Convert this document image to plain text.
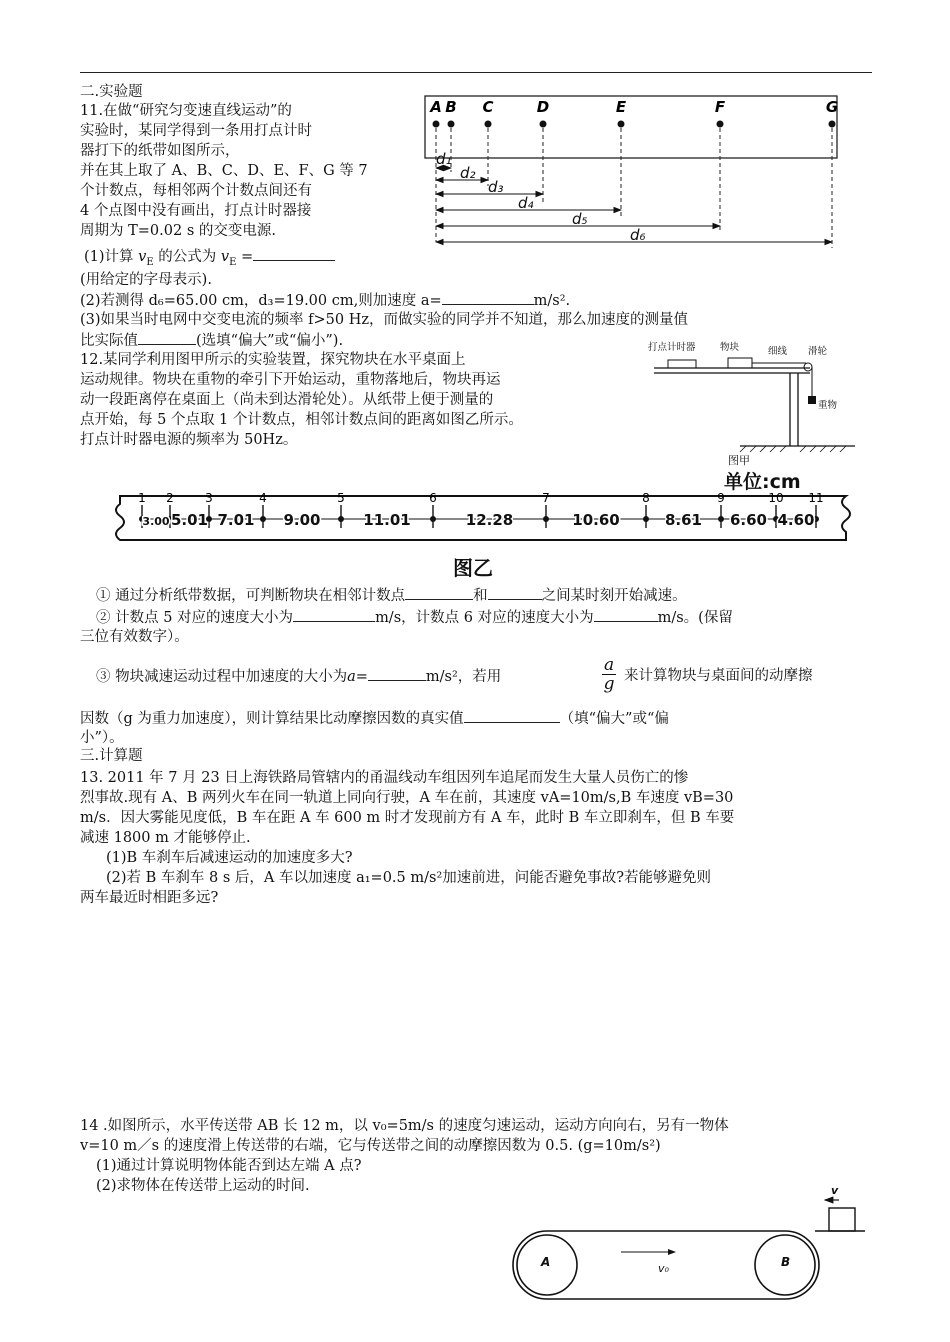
二.实验题
11.在做“研究匀变速直线运动”的
实验时，某同学得到一条用打点计时
器打下的纸带如图所示，
并在其上取了 A、B、C、D、E、F、G 等 7
个计数点，每相邻两个计数点间还有
4 个点图中没有画出，打点计时器接
周期为 T=0.02 s 的交变电源.
(1)计算 $v_E$ 的公式为 $v_E$ =
(用给定的字母表示).
(2)若测得 d₆=65.00 cm，d₃=19.00 cm,则加速度 a=	m/s².
(3)如果当时电网中交变电流的频率 f>50 Hz，而做实验的同学并不知道，那么加速度的测量值
比实际值	(选填“偏大”或“偏小”).
A B C	D	E	F	G
d₁
d₂
d₃
d₄
d₅
d₆
12.某同学利用图甲所示的实验装置，探究物块在水平桌面上
运动规律。物块在重物的牵引下开始运动，重物落地后，物块再运
动一段距离停在桌面上（尚未到达滑轮处）。从纸带上便于测量的
点开始，每 5 个点取 1 个计数点，相邻计数点间的距离如图乙所示。
打点计时器电源的频率为 50Hz。
打点计时器	物块	细线 滑轮
重物
图甲
单位:cm
1 2	3	4	5	6	7	8	9	10 11
3.00 5.01 7.01 9.00	11.01	12.28	10.60	8.61 6.60 4.60
图乙
① 通过分析纸带数据，可判断物块在相邻计数点	和	之间某时刻开始减速。
② 计数点 5 对应的速度大小为	m/s，计数点 6 对应的速度大小为	m/s。(保留
三位有效数字）。
③ 物块减速运动过程中加速度的大小为a=	m/s²，若用	$\frac{a}{g}$ 来计算物块与桌面间的动摩擦
因数（g 为重力加速度），则计算结果比动摩擦因数的真实值	（填“偏大”或“偏
小”）。
三.计算题
13. 2011 年 7 月 23 日上海铁路局管辖内的甬温线动车组因列车追尾而发生大量人员伤亡的惨
烈事故.现有 A、B 两列火车在同一轨道上同向行驶，A 车在前，其速度 vA=10m/s,B 车速度 vB=30
m/s．因大雾能见度低，B 车在距 A 车 600 m 时才发现前方有 A 车，此时 B 车立即刹车，但 B 车要
减速 1800 m 才能够停止.
(1)B 车刹车后减速运动的加速度多大?
(2)若 B 车刹车 8 s 后，A 车以加速度 a₁=0.5 m/s²加速前进，问能否避免事故?若能够避免则
两车最近时相距多远?
14 .如图所示，水平传送带 AB 长 12 m，以 v₀=5m/s 的速度匀速运动，运动方向向右，另有一物体
v=10 m／s 的速度滑上传送带的右端，它与传送带之间的动摩擦因数为 0.5. (g=10m/s²)
(1)通过计算说明物体能否到达左端 A 点?
(2)求物体在传送带上运动的时间.	v
A	B
v₀
